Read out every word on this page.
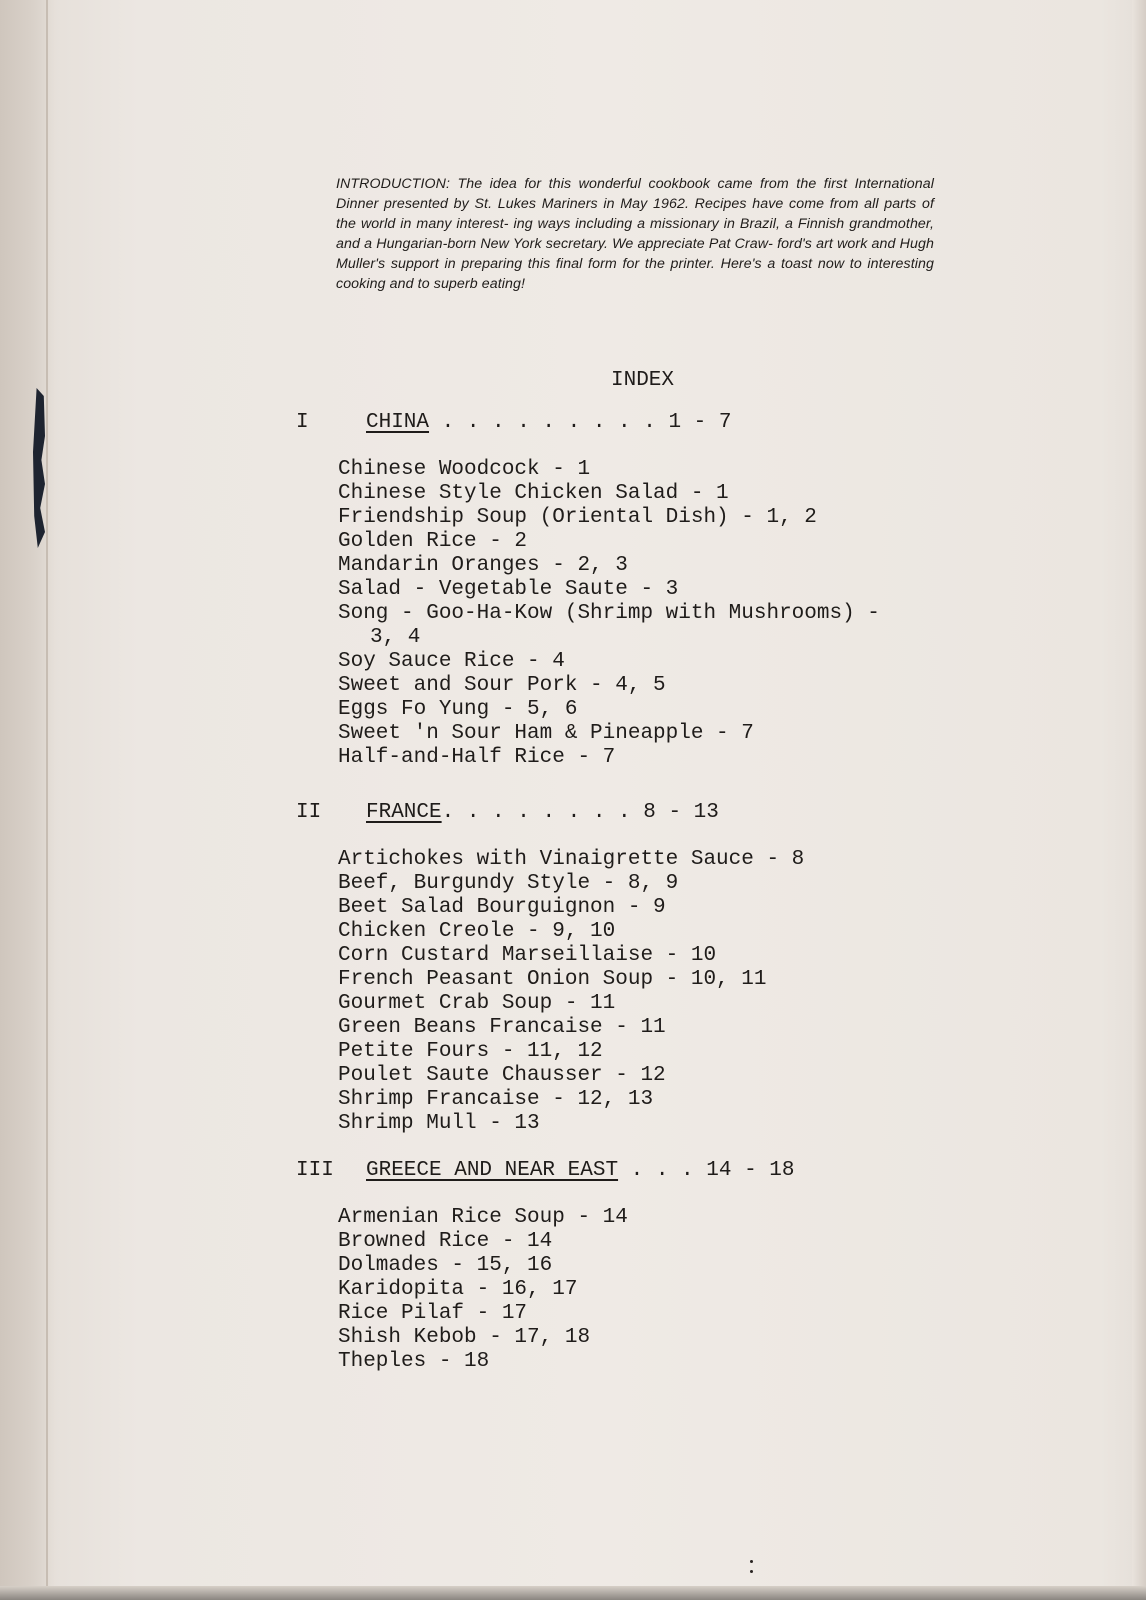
INTRODUCTION: The idea for this wonderful cookbook came from the first International Dinner presented by St. Lukes Mariners in May 1962. Recipes have come from all parts of the world in many interest- ing ways including a missionary in Brazil, a Finnish grandmother, and a Hungarian-born New York secretary. We appreciate Pat Craw- ford's art work and Hugh Muller's support in preparing this final form for the printer. Here's a toast now to interesting cooking and to superb eating!
INDEX
I	CHINA . . . . . . . . . 1 - 7
Chinese Woodcock - 1
Chinese Style Chicken Salad - 1
Friendship Soup (Oriental Dish) - 1, 2
Golden Rice - 2
Mandarin Oranges - 2, 3
Salad - Vegetable Saute - 3
Song - Goo-Ha-Kow (Shrimp with Mushrooms) -
3, 4
Soy Sauce Rice - 4
Sweet and Sour Pork - 4, 5
Eggs Fo Yung - 5, 6
Sweet 'n Sour Ham & Pineapple - 7
Half-and-Half Rice - 7
II	FRANCE . . . . . . . . 8 - 13
Artichokes with Vinaigrette Sauce - 8
Beef, Burgundy Style - 8, 9
Beet Salad Bourguignon - 9
Chicken Creole - 9, 10
Corn Custard Marseillaise - 10
French Peasant Onion Soup - 10, 11
Gourmet Crab Soup - 11
Green Beans Francaise - 11
Petite Fours - 11, 12
Poulet Saute Chausser - 12
Shrimp Francaise - 12, 13
Shrimp Mull - 13
III	GREECE AND NEAR EAST . . . 14 - 18
Armenian Rice Soup - 14
Browned Rice - 14
Dolmades - 15, 16
Karidopita - 16, 17
Rice Pilaf - 17
Shish Kebob - 17, 18
Theples - 18
